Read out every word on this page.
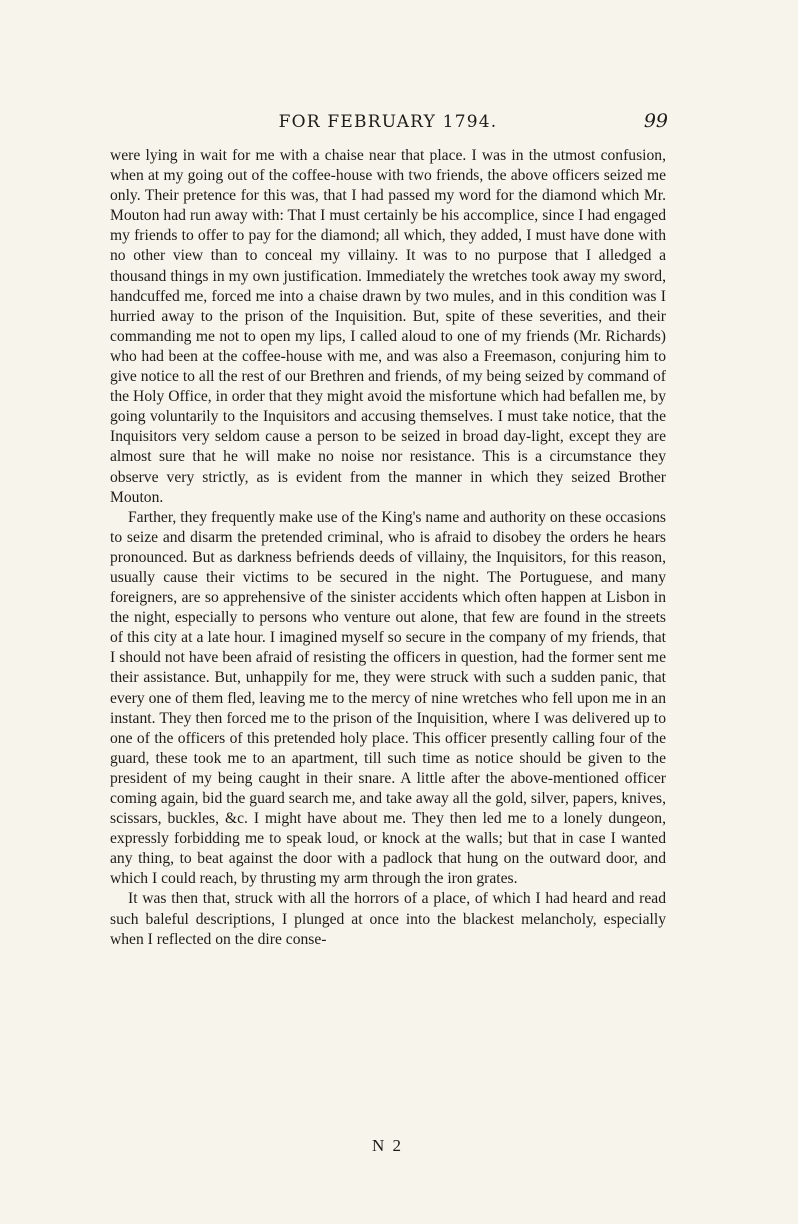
FOR FEBRUARY 1794.	99

were lying in wait for me with a chaise near that place. I was in the utmost confusion, when at my going out of the coffee-house with two friends, the above officers seized me only. Their pretence for this was, that I had passed my word for the diamond which Mr. Mouton had run away with: That I must certainly be his accomplice, since I had engaged my friends to offer to pay for the diamond; all which, they added, I must have done with no other view than to conceal my villainy. It was to no purpose that I alledged a thousand things in my own justification. Immediately the wretches took away my sword, handcuffed me, forced me into a chaise drawn by two mules, and in this condition was I hurried away to the prison of the Inquisition. But, spite of these severities, and their commanding me not to open my lips, I called aloud to one of my friends (Mr. Richards) who had been at the coffee-house with me, and was also a Freemason, conjuring him to give notice to all the rest of our Brethren and friends, of my being seized by command of the Holy Office, in order that they might avoid the misfortune which had befallen me, by going voluntarily to the Inquisitors and accusing themselves. I must take notice, that the Inquisitors very seldom cause a person to be seized in broad day-light, except they are almost sure that he will make no noise nor resistance. This is a circumstance they observe very strictly, as is evident from the manner in which they seized Brother Mouton.

Farther, they frequently make use of the King's name and authority on these occasions to seize and disarm the pretended criminal, who is afraid to disobey the orders he hears pronounced. But as darkness befriends deeds of villainy, the Inquisitors, for this reason, usually cause their victims to be secured in the night. The Portuguese, and many foreigners, are so apprehensive of the sinister accidents which often happen at Lisbon in the night, especially to persons who venture out alone, that few are found in the streets of this city at a late hour. I imagined myself so secure in the company of my friends, that I should not have been afraid of resisting the officers in question, had the former sent me their assistance. But, unhappily for me, they were struck with such a sudden panic, that every one of them fled, leaving me to the mercy of nine wretches who fell upon me in an instant. They then forced me to the prison of the Inquisition, where I was delivered up to one of the officers of this pretended holy place. This officer presently calling four of the guard, these took me to an apartment, till such time as notice should be given to the president of my being caught in their snare. A little after the above-mentioned officer coming again, bid the guard search me, and take away all the gold, silver, papers, knives, scissars, buckles, &c. I might have about me. They then led me to a lonely dungeon, expressly forbidding me to speak loud, or knock at the walls; but that in case I wanted any thing, to beat against the door with a padlock that hung on the outward door, and which I could reach, by thrusting my arm through the iron grates.

It was then that, struck with all the horrors of a place, of which I had heard and read such baleful descriptions, I plunged at once into the blackest melancholy, especially when I reflected on the dire conse-

N 2
